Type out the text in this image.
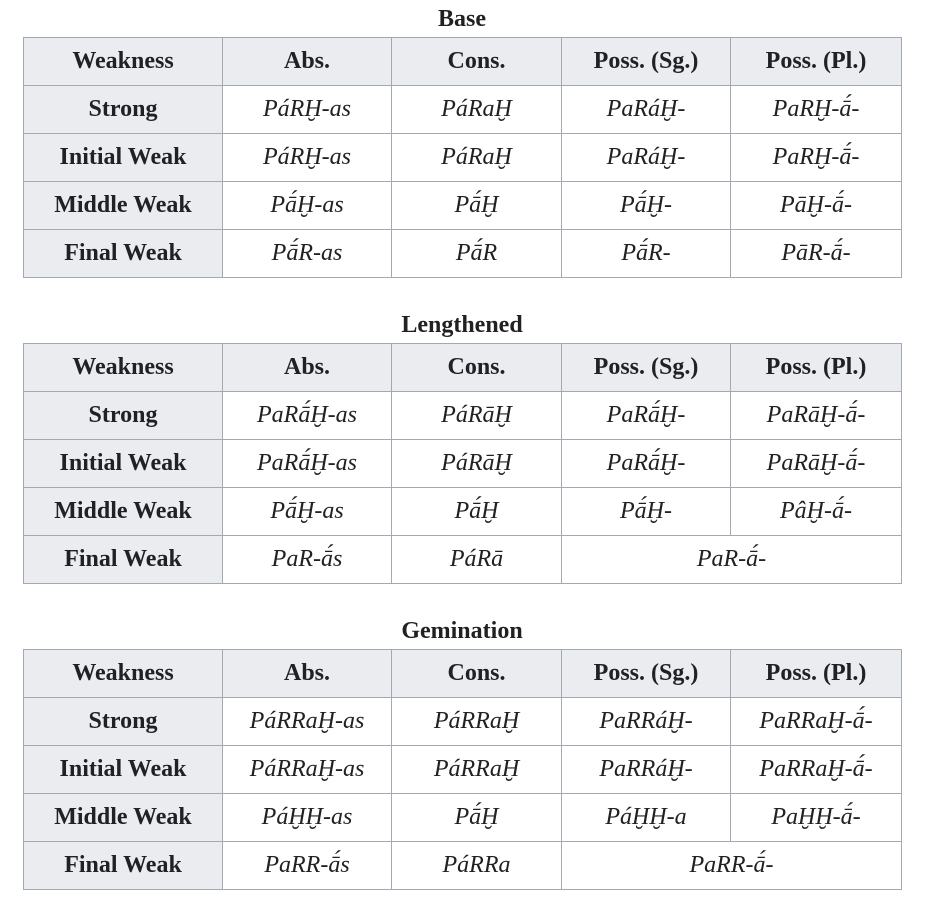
Base
Weakness	Abs.	Cons.	Poss. (Sg.)	Poss. (Pl.)
Strong	PáRḪ-as	PáRaḪ	PaRáḪ-	PaRḪ-ā́-
Initial Weak	PáRḪ-as	PáRaḪ	PaRáḪ-	PaRḪ-ā́-
Middle Weak	Pā́Ḫ-as	Pā́Ḫ	Pā́Ḫ-	PāḪ-ā́-
Final Weak	Pā́R-as	Pā́R	Pā́R-	PāR-ā́-
Lengthened
Weakness	Abs.	Cons.	Poss. (Sg.)	Poss. (Pl.)
Strong	PaRā́Ḫ-as	PáRāḪ	PaRā́Ḫ-	PaRāḪ-ā́-
Initial Weak	PaRā́Ḫ-as	PáRāḪ	PaRā́Ḫ-	PaRāḪ-ā́-
Middle Weak	Pā́Ḫ-as	Pā́Ḫ	Pā́Ḫ-	PâḪ-ā́-
Final Weak	PaR-ā́s	PáRā	PaR-ā́-	
Gemination
Weakness	Abs.	Cons.	Poss. (Sg.)	Poss. (Pl.)
Strong	PáRRaḪ-as	PáRRaḪ	PaRRáḪ-	PaRRaḪ-ā́-
Initial Weak	PáRRaḪ-as	PáRRaḪ	PaRRáḪ-	PaRRaḪ-ā́-
Middle Weak	PáḪḪ-as	Pā́Ḫ	PáḪḪ-a	PaḪḪ-ā́-
Final Weak	PaRR-ā́s	PáRRa	PaRR-ā́-	
